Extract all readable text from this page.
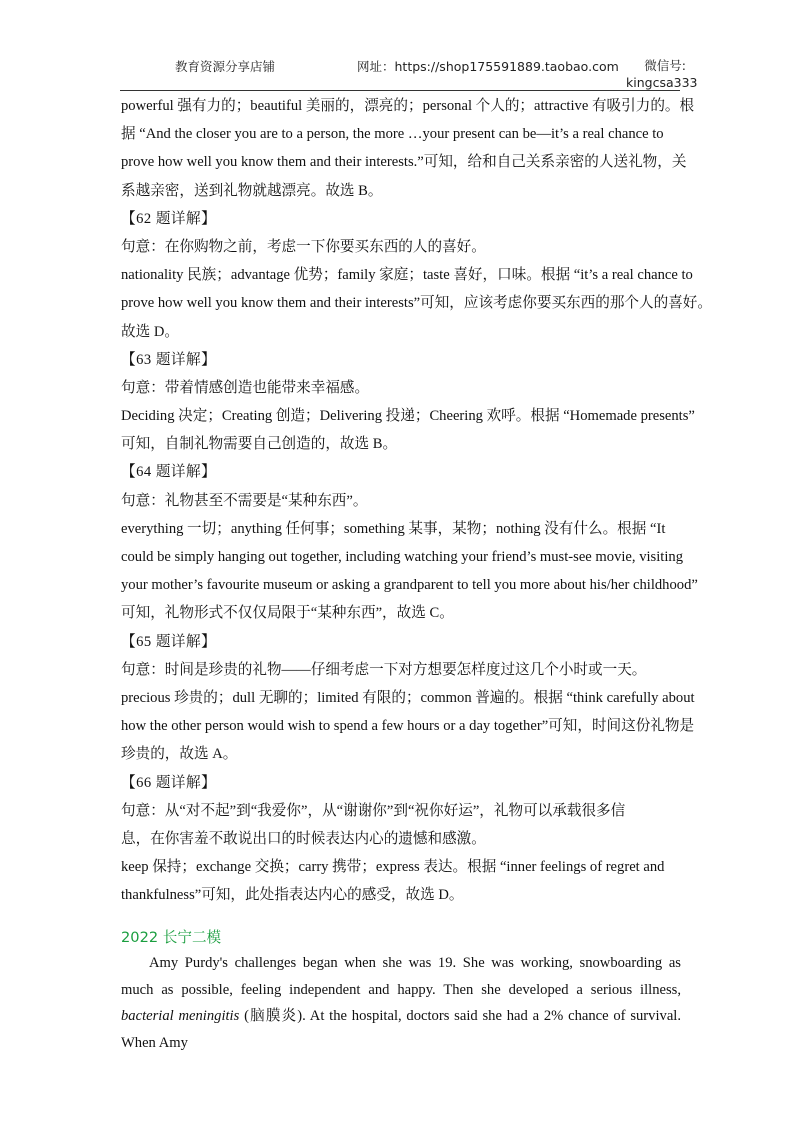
教育资源分享店铺	网址：https://shop175591889.taobao.com	微信号:
kingcsa333
powerful 强有力的；beautiful 美丽的，漂亮的；personal 个人的；attractive 有吸引力的。根
据 “And the closer you are to a person, the more …your present can be—it’s a real chance to
prove how well you know them and their interests.”可知，给和自己关系亲密的人送礼物，关
系越亲密，送到礼物就越漂亮。故选 B。
【62 题详解】
句意：在你购物之前，考虑一下你要买东西的人的喜好。
nationality 民族；advantage 优势；family 家庭；taste 喜好，口味。根据 “it’s a real chance to
prove how well you know them and their interests”可知，应该考虑你要买东西的那个人的喜好。
故选 D。
【63 题详解】
句意：带着情感创造也能带来幸福感。
Deciding 决定；Creating 创造；Delivering 投递；Cheering 欢呼。根据 “Homemade presents”
可知，自制礼物需要自己创造的，故选 B。
【64 题详解】
句意：礼物甚至不需要是“某种东西”。
everything 一切；anything 任何事；something 某事，某物；nothing 没有什么。根据 “It
could be simply hanging out together, including watching your friend’s must-see movie, visiting
your mother’s favourite museum or asking a grandparent to tell you more about his/her childhood”
可知，礼物形式不仅仅局限于“某种东西”，故选 C。
【65 题详解】
句意：时间是珍贵的礼物——仔细考虑一下对方想要怎样度过这几个小时或一天。
precious 珍贵的；dull 无聊的；limited 有限的；common 普遍的。根据 “think carefully about
how the other person would wish to spend a few hours or a day together”可知，时间这份礼物是
珍贵的，故选 A。
【66 题详解】
句意：从“对不起”到“我爱你”，从“谢谢你”到“祝你好运”，礼物可以承载很多信
息，在你害羞不敢说出口的时候表达内心的遗憾和感激。
keep 保持；exchange 交换；carry 携带；express 表达。根据 “inner feelings of regret and
thankfulness”可知，此处指表达内心的感受，故选 D。
2022 长宁二模

Amy Purdy's challenges began when she was 19. She was working, snowboarding as much as possible, feeling independent and happy. Then she developed a serious illness, bacterial meningitis (脑膜炎). At the hospital, doctors said she had a 2% chance of survival. When Amy
